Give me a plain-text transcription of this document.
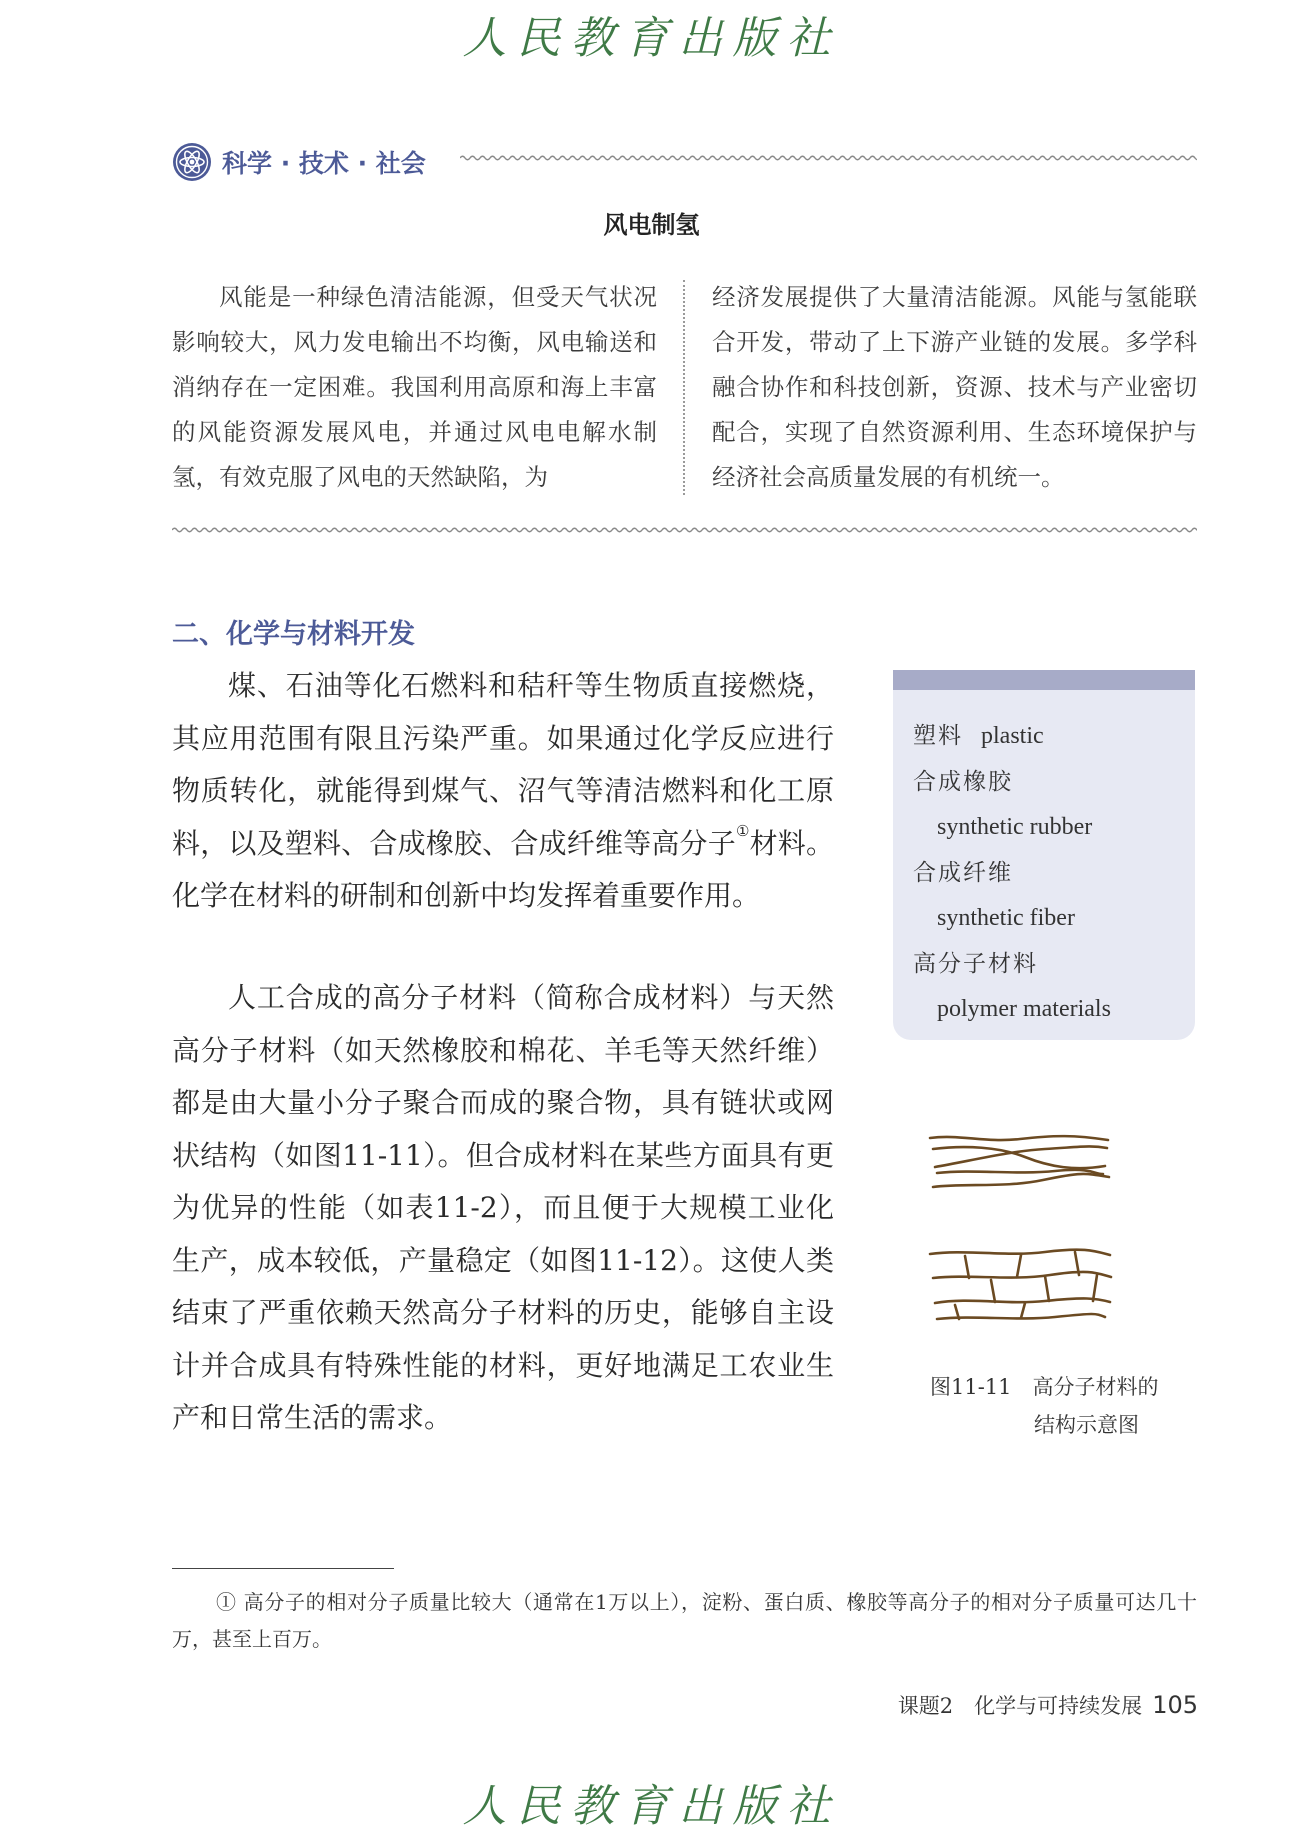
人民教育出版社
科学 · 技术 · 社会
风电制氢
风能是一种绿色清洁能源，但受天气状况影响较大，风力发电输出不均衡，风电输送和消纳存在一定困难。我国利用高原和海上丰富的风能资源发展风电，并通过风电电解水制氢，有效克服了风电的天然缺陷，为
经济发展提供了大量清洁能源。风能与氢能联合开发，带动了上下游产业链的发展。多学科融合协作和科技创新，资源、技术与产业密切配合，实现了自然资源利用、生态环境保护与经济社会高质量发展的有机统一。
二、化学与材料开发
煤、石油等化石燃料和秸秆等生物质直接燃烧，其应用范围有限且污染严重。如果通过化学反应进行物质转化，就能得到煤气、沼气等清洁燃料和化工原料，以及塑料、合成橡胶、合成纤维等高分子①材料。化学在材料的研制和创新中均发挥着重要作用。
人工合成的高分子材料（简称合成材料）与天然高分子材料（如天然橡胶和棉花、羊毛等天然纤维）都是由大量小分子聚合而成的聚合物，具有链状或网状结构（如图11-11）。但合成材料在某些方面具有更为优异的性能（如表11-2），而且便于大规模工业化生产，成本较低，产量稳定（如图11-12）。这使人类结束了严重依赖天然高分子材料的历史，能够自主设计并合成具有特殊性能的材料，更好地满足工农业生产和日常生活的需求。
塑料 plastic
合成橡胶
synthetic rubber
合成纤维
synthetic fiber
高分子材料
polymer materials
图11-11　高分子材料的
结构示意图
① 高分子的相对分子质量比较大（通常在1万以上），淀粉、蛋白质、橡胶等高分子的相对分子质量可达几十万，甚至上百万。
课题2　化学与可持续发展 105
人民教育出版社
